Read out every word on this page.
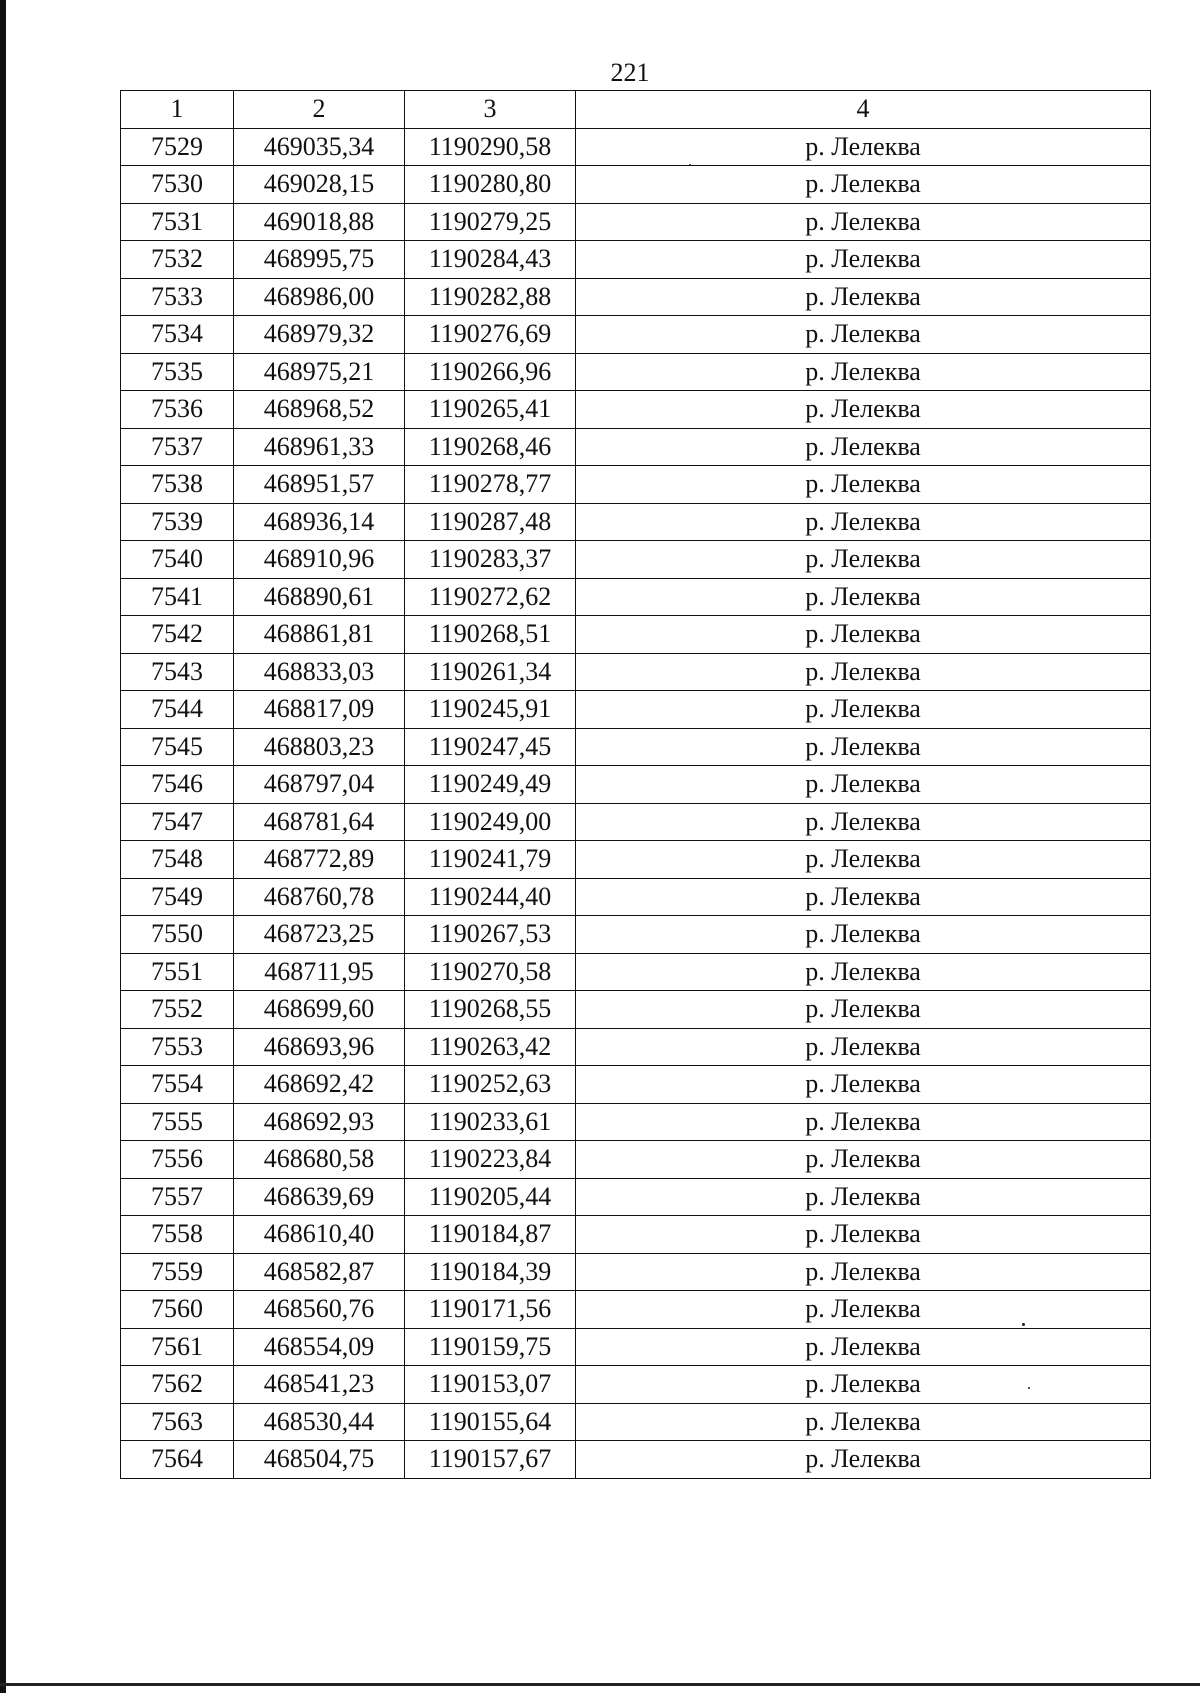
221
1	2	3	4
7529	469035,34	1190290,58	р. Лелеква
7530	469028,15	1190280,80	р. Лелеква
7531	469018,88	1190279,25	р. Лелеква
7532	468995,75	1190284,43	р. Лелеква
7533	468986,00	1190282,88	р. Лелеква
7534	468979,32	1190276,69	р. Лелеква
7535	468975,21	1190266,96	р. Лелеква
7536	468968,52	1190265,41	р. Лелеква
7537	468961,33	1190268,46	р. Лелеква
7538	468951,57	1190278,77	р. Лелеква
7539	468936,14	1190287,48	р. Лелеква
7540	468910,96	1190283,37	р. Лелеква
7541	468890,61	1190272,62	р. Лелеква
7542	468861,81	1190268,51	р. Лелеква
7543	468833,03	1190261,34	р. Лелеква
7544	468817,09	1190245,91	р. Лелеква
7545	468803,23	1190247,45	р. Лелеква
7546	468797,04	1190249,49	р. Лелеква
7547	468781,64	1190249,00	р. Лелеква
7548	468772,89	1190241,79	р. Лелеква
7549	468760,78	1190244,40	р. Лелеква
7550	468723,25	1190267,53	р. Лелеква
7551	468711,95	1190270,58	р. Лелеква
7552	468699,60	1190268,55	р. Лелеква
7553	468693,96	1190263,42	р. Лелеква
7554	468692,42	1190252,63	р. Лелеква
7555	468692,93	1190233,61	р. Лелеква
7556	468680,58	1190223,84	р. Лелеква
7557	468639,69	1190205,44	р. Лелеква
7558	468610,40	1190184,87	р. Лелеква
7559	468582,87	1190184,39	р. Лелеква
7560	468560,76	1190171,56	р. Лелеква
7561	468554,09	1190159,75	р. Лелеква
7562	468541,23	1190153,07	р. Лелеква
7563	468530,44	1190155,64	р. Лелеква
7564	468504,75	1190157,67	р. Лелеква
